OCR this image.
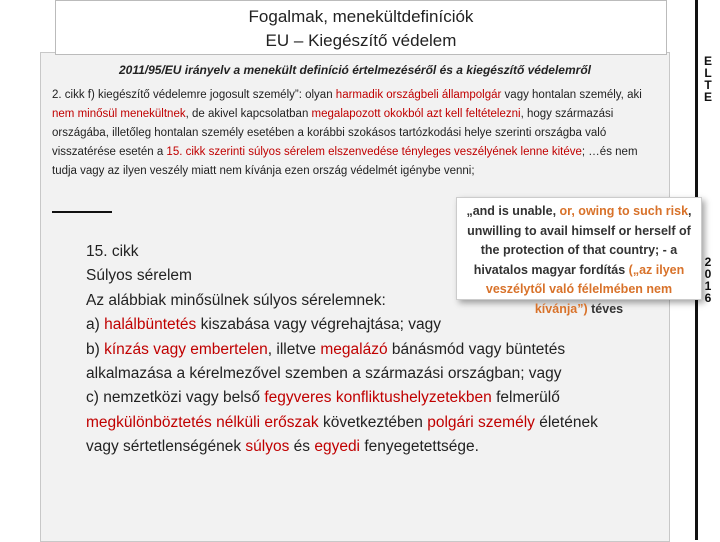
Fogalmak, menekültdefiníciók
EU – Kiegészítő védelem
E
L
T
E
2
0
1
6
2011/95/EU irányelv a menekült definíció értelmezéséről és a kiegészítő védelemről
2. cikk f) kiegészítő védelemre jogosult személy”: olyan harmadik országbeli állampolgár vagy hontalan személy, aki nem minősül menekültnek, de akivel kapcsolatban megalapozott okokból azt kell feltételezni, hogy származási országába, illetőleg hontalan személy esetében a korábbi szokásos tartózkodási helye szerinti országba való visszatérése esetén a 15. cikk szerinti súlyos sérelem elszenvedése tényleges veszélyének lenne kitéve; …és nem tudja vagy az ilyen veszély miatt nem kívánja ezen ország védelmét igénybe venni;
15. cikk
Súlyos sérelem
Az alábbiak minősülnek súlyos sérelemnek:
a) halálbüntetés kiszabása vagy végrehajtása; vagy
b) kínzás vagy embertelen, illetve megalázó bánásmód vagy büntetés
alkalmazása a kérelmezővel szemben a származási országban; vagy
c) nemzetközi vagy belső fegyveres konfliktushelyzetekben felmerülő
megkülönböztetés nélküli erőszak következtében polgári személy életének
vagy sértetlenségének súlyos és egyedi fenyegetettsége.
„and is unable, or, owing to such risk, unwilling to avail himself or herself of the protection of that country; - a hivatalos magyar fordítás („az ilyen veszélytől való félelmében nem kívánja”) téves
